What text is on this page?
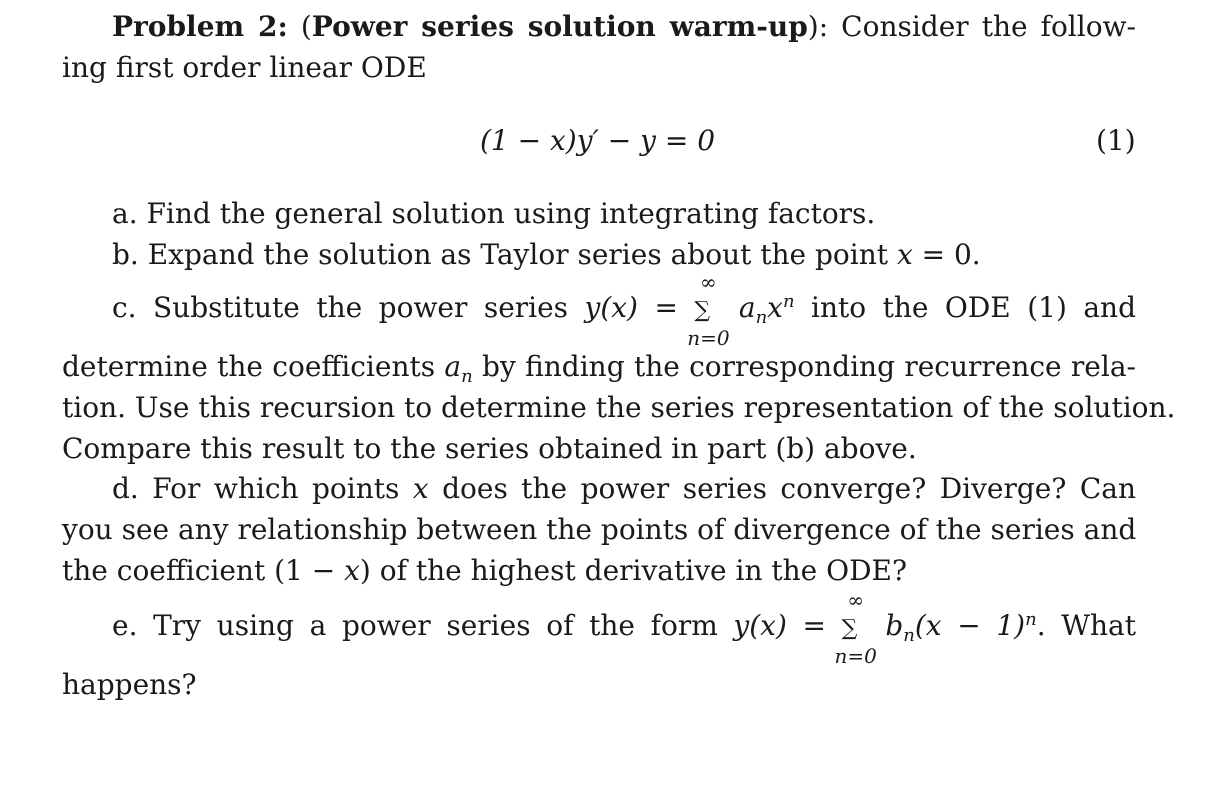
Problem 2: (Power series solution warm-up): Consider the follow-
ing first order linear ODE
(1 − x)y′ − y = 0	(1)
a. Find the general solution using integrating factors.
b. Expand the solution as Taylor series about the point x = 0.
c. Substitute the power series y(x) =
∞
∑
n=0
$a_nx^n$ into the ODE (1) and
determine the coefficients $a_n$ by finding the corresponding recurrence rela-
tion. Use this recursion to determine the series representation of the solution.
Compare this result to the series obtained in part (b) above.
d. For which points x does the power series converge? Diverge? Can
you see any relationship between the points of divergence of the series and
the coefficient (1 − x) of the highest derivative in the ODE?
e. Try using a power series of the form y(x) =
∞
∑
n=0
$b_n(x - 1)^n$. What
happens?
